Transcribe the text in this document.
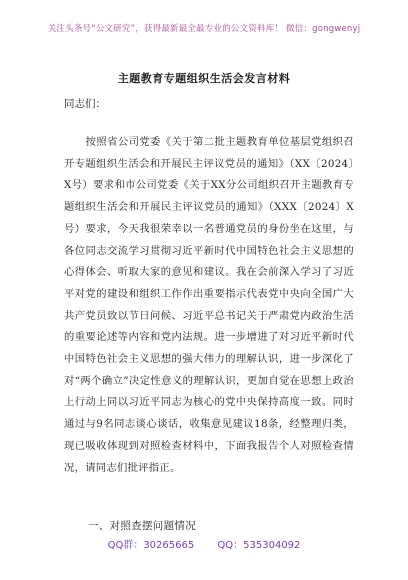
关注头条号“公文研究”，获得最新最全最专业的公文资料库！ 微信：gongwenyj
主题教育专题组织生活会发言材料
同志们：

按照省公司党委《关于第二批主题教育单位基层党组织召开专题组织生活会和开展民主评议党员的通知》（XX〔2024〕X号）要求和市公司党委《关于XX分公司组织召开主题教育专题组织生活会和开展民主评议党员的通知》（XXX〔2024〕X号）要求，今天我很荣幸以一名普通党员的身份坐在这里，与各位同志交流学习贯彻习近平新时代中国特色社会主义思想的心得体会、听取大家的意见和建议。我在会前深入学习了习近平对党的建设和组织工作作出重要指示代表党中央向全国广大共产党员致以节日问候、习近平总书记关于严肃党内政治生活的重要论述等内容和党内法规。进一步增进了对习近平新时代中国特色社会主义思想的强大伟力的理解认识，进一步深化了对“两个确立”决定性意义的理解认识，更加自觉在思想上政治上行动上同以习近平同志为核心的党中央保持高度一致。同时通过与9名同志谈心谈话，收集意见建议18条，经整理归类，现已吸收体现到对照检查材料中，下面我报告个人对照检查情况，请同志们批评指正。

一、对照查摆问题情况
QQ群：30265665 QQ：535304092
